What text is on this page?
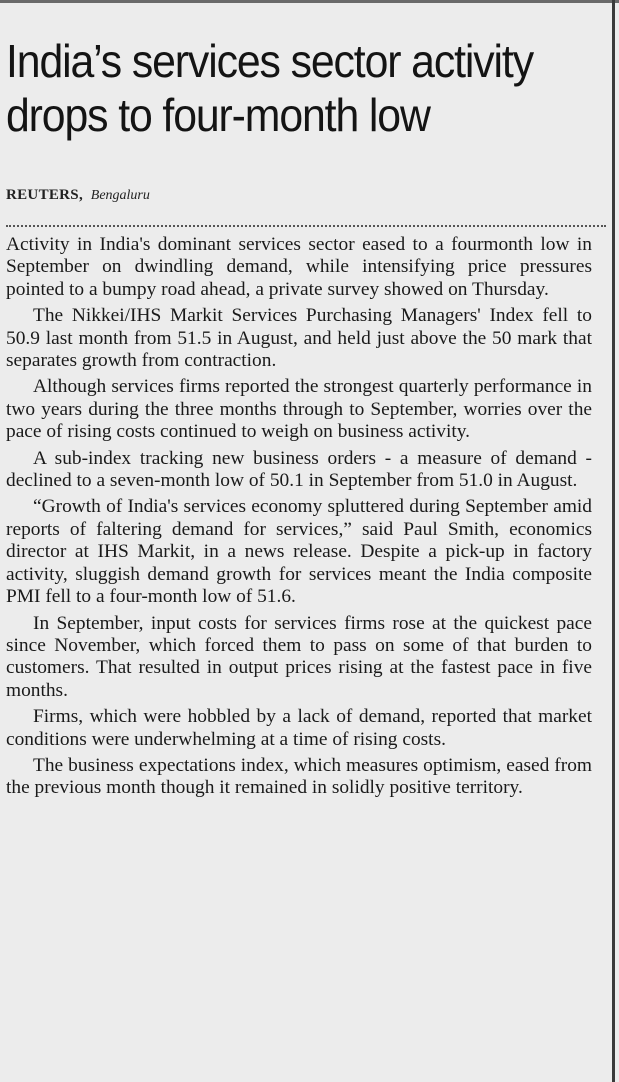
India’s services sector activity
drops to four-month low
REUTERS, Bengaluru

Activity in India's dominant services sector eased to a fourmonth low in September on dwindling demand, while intensifying price pressures pointed to a bumpy road ahead, a private survey showed on Thursday.

The Nikkei/IHS Markit Services Purchasing Managers' Index fell to 50.9 last month from 51.5 in August, and held just above the 50 mark that separates growth from contraction.

Although services firms reported the strongest quarterly performance in two years during the three months through to September, worries over the pace of rising costs continued to weigh on business activity.

A sub-index tracking new business orders - a measure of demand - declined to a seven-month low of 50.1 in September from 51.0 in August.

“Growth of India's services economy spluttered during September amid reports of faltering demand for services,” said Paul Smith, economics director at IHS Markit, in a news release. Despite a pick-up in factory activity, sluggish demand growth for services meant the India composite PMI fell to a four-month low of 51.6.

In September, input costs for services firms rose at the quickest pace since November, which forced them to pass on some of that burden to customers. That resulted in output prices rising at the fastest pace in five months.

Firms, which were hobbled by a lack of demand, reported that market conditions were underwhelming at a time of rising costs.

The business expectations index, which measures optimism, eased from the previous month though it remained in solidly positive territory.
